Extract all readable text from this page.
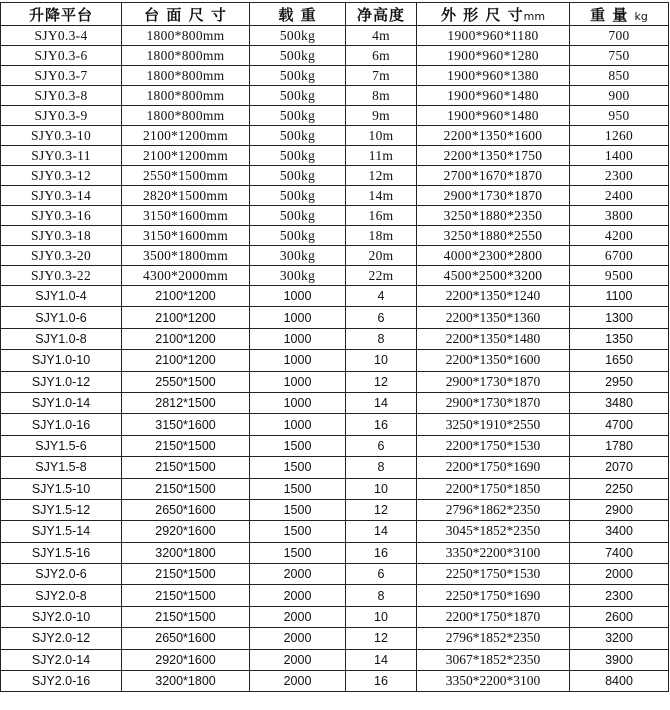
升降平台	台 面 尺 寸	载 重	净高度	外 形 尺 寸mm	重 量 kg
SJY0.3-4	1800*800mm	500kg	4m	1900*960*1180	700
SJY0.3-6	1800*800mm	500kg	6m	1900*960*1280	750
SJY0.3-7	1800*800mm	500kg	7m	1900*960*1380	850
SJY0.3-8	1800*800mm	500kg	8m	1900*960*1480	900
SJY0.3-9	1800*800mm	500kg	9m	1900*960*1480	950
SJY0.3-10	2100*1200mm	500kg	10m	2200*1350*1600	1260
SJY0.3-11	2100*1200mm	500kg	11m	2200*1350*1750	1400
SJY0.3-12	2550*1500mm	500kg	12m	2700*1670*1870	2300
SJY0.3-14	2820*1500mm	500kg	14m	2900*1730*1870	2400
SJY0.3-16	3150*1600mm	500kg	16m	3250*1880*2350	3800
SJY0.3-18	3150*1600mm	500kg	18m	3250*1880*2550	4200
SJY0.3-20	3500*1800mm	300kg	20m	4000*2300*2800	6700
SJY0.3-22	4300*2000mm	300kg	22m	4500*2500*3200	9500
SJY1.0-4	2100*1200	1000	4	2200*1350*1240	1100
SJY1.0-6	2100*1200	1000	6	2200*1350*1360	1300
SJY1.0-8	2100*1200	1000	8	2200*1350*1480	1350
SJY1.0-10	2100*1200	1000	10	2200*1350*1600	1650
SJY1.0-12	2550*1500	1000	12	2900*1730*1870	2950
SJY1.0-14	2812*1500	1000	14	2900*1730*1870	3480
SJY1.0-16	3150*1600	1000	16	3250*1910*2550	4700
SJY1.5-6	2150*1500	1500	6	2200*1750*1530	1780
SJY1.5-8	2150*1500	1500	8	2200*1750*1690	2070
SJY1.5-10	2150*1500	1500	10	2200*1750*1850	2250
SJY1.5-12	2650*1600	1500	12	2796*1862*2350	2900
SJY1.5-14	2920*1600	1500	14	3045*1852*2350	3400
SJY1.5-16	3200*1800	1500	16	3350*2200*3100	7400
SJY2.0-6	2150*1500	2000	6	2250*1750*1530	2000
SJY2.0-8	2150*1500	2000	8	2250*1750*1690	2300
SJY2.0-10	2150*1500	2000	10	2200*1750*1870	2600
SJY2.0-12	2650*1600	2000	12	2796*1852*2350	3200
SJY2.0-14	2920*1600	2000	14	3067*1852*2350	3900
SJY2.0-16	3200*1800	2000	16	3350*2200*3100	8400
